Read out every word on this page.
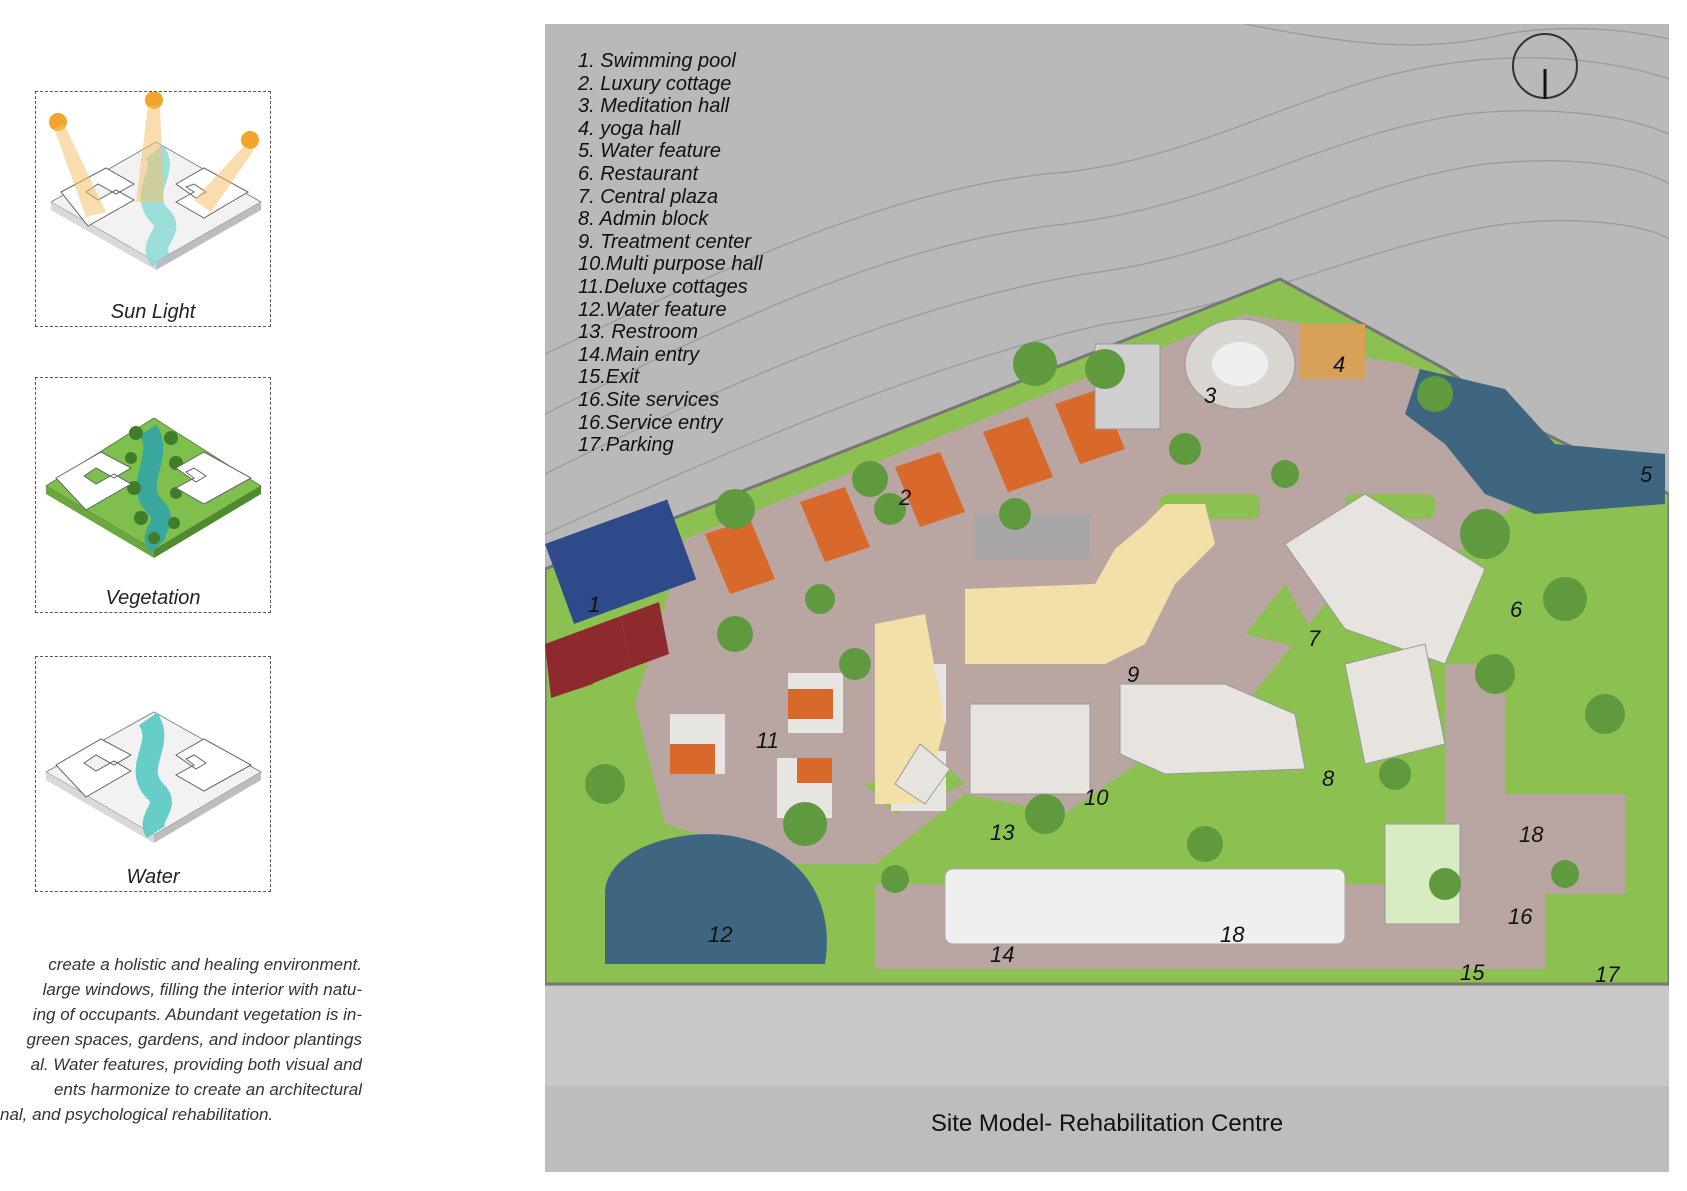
Sun Light
Vegetation
Water
create a holistic and healing environment.
large windows, filling the interior with natu-
ing of occupants. Abundant vegetation is in-
green spaces, gardens, and indoor plantings
al. Water features, providing both visual and
ents harmonize to create an architectural
nal, and psychological rehabilitation.
1
2
3
4
5
6
7
8
9
10
11
12
13
14
15
16
17
18
18
1. Swimming pool
2. Luxury cottage
3. Meditation hall
4. yoga hall
5. Water feature
6. Restaurant
7. Central plaza
8. Admin block
9. Treatment center
10.Multi purpose hall
11.Deluxe cottages
12.Water feature
13. Restroom
14.Main entry
15.Exit
16.Site services
16.Service entry
17.Parking
Site Model- Rehabilitation Centre
